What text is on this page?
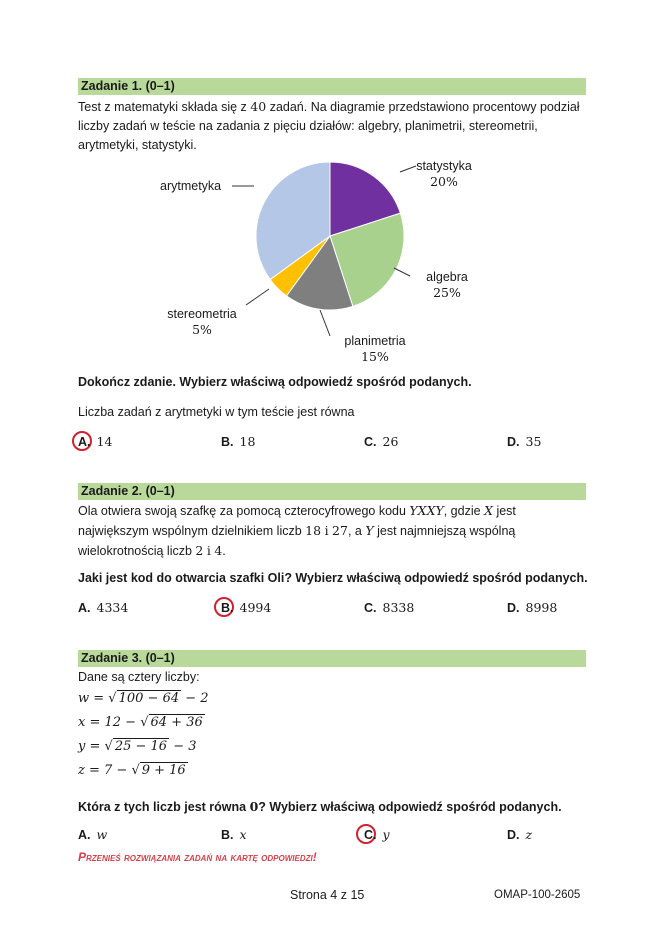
Zadanie 1. (0–1)
Test z matematyki składa się z 40 zadań. Na diagramie przedstawiono procentowy podział
liczby zadań w teście na zadania z pięciu działów: algebry, planimetrii, stereometrii,
arytmetyki, statystyki.
statystyka
20%
algebra
25%
planimetria
15%
stereometria
5%
arytmetyka
Dokończ zdanie. Wybierz właściwą odpowiedź spośród podanych.
Liczba zadań z arytmetyki w tym teście jest równa
A. 14	B. 18	C. 26	D. 35
Zadanie 2. (0–1)
Ola otwiera swoją szafkę za pomocą czterocyfrowego kodu YXXY, gdzie X jest
największym wspólnym dzielnikiem liczb 18 i 27, a Y jest najmniejszą wspólną
wielokrotnością liczb 2 i 4.
Jaki jest kod do otwarcia szafki Oli? Wybierz właściwą odpowiedź spośród podanych.
A. 4334	B. 4994	C. 8338	D. 8998
Zadanie 3. (0–1)
Dane są cztery liczby:
w = √ 100 − 64 − 2
x = 12 − √ 64 + 36
y = √ 25 − 16 − 3
z = 7 − √ 9 + 16
Która z tych liczb jest równa 0? Wybierz właściwą odpowiedź spośród podanych.
A. w	B. x	C. y	D. z
Przenieś rozwiązania zadań na kartę odpowiedzi!
Strona 4 z 15	OMAP-100-2605
